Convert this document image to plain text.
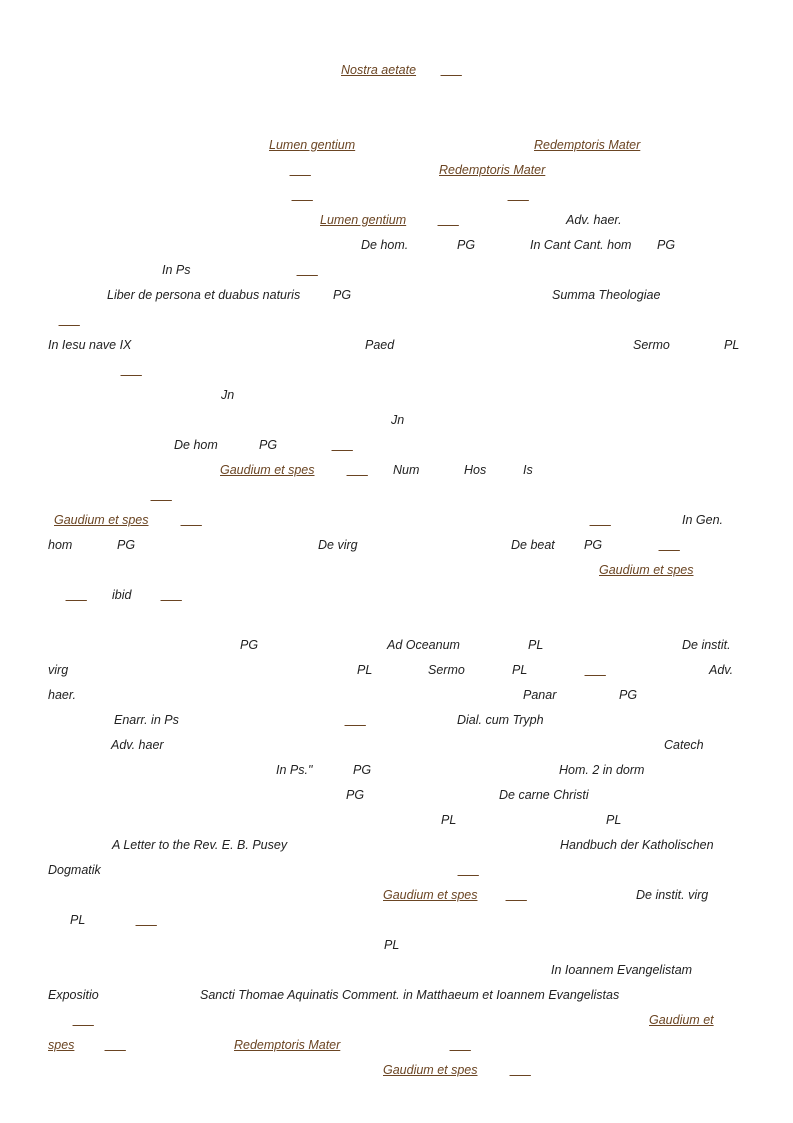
Nostra aetate ___
Lumen gentium	Redemptoris Mater
___	Redemptoris Mater
___	___
Lumen gentium	___	Adv. haer.
De hom.	PG	In Cant Cant. hom PG
In Ps	___
Liber de persona et duabus naturis	PG	Summa Theologiae
___
In Iesu nave IX	Paed	Sermo	PL
___
Jn
Jn
De hom	PG	___
Gaudium et spes	___ Num	Hos	Is
___
Gaudium et spes	___	___	In Gen.
hom	PG	De virg	De beat PG	___
Gaudium et spes
___ ibid ___
PG	Ad Oceanum	PL	De instit.
virg	PL	Sermo	PL	___	Adv.
haer.	Panar	PG
Enarr. in Ps	___	Dial. cum Tryph
Adv. haer	Catech
In Ps."	PG	Hom. 2 in dorm
PG	De carne Christi
PL	PL
A Letter to the Rev. E. B. Pusey	Handbuch der Katholischen
Dogmatik	___
Gaudium et spes ___	De instit. virg
PL	___
PL
In Ioannem Evangelistam
Expositio	Sancti Thomae Aquinatis Comment. in Matthaeum et Ioannem Evangelistas
___	Gaudium et
spes ___	Redemptoris Mater	___
Gaudium et spes	___
